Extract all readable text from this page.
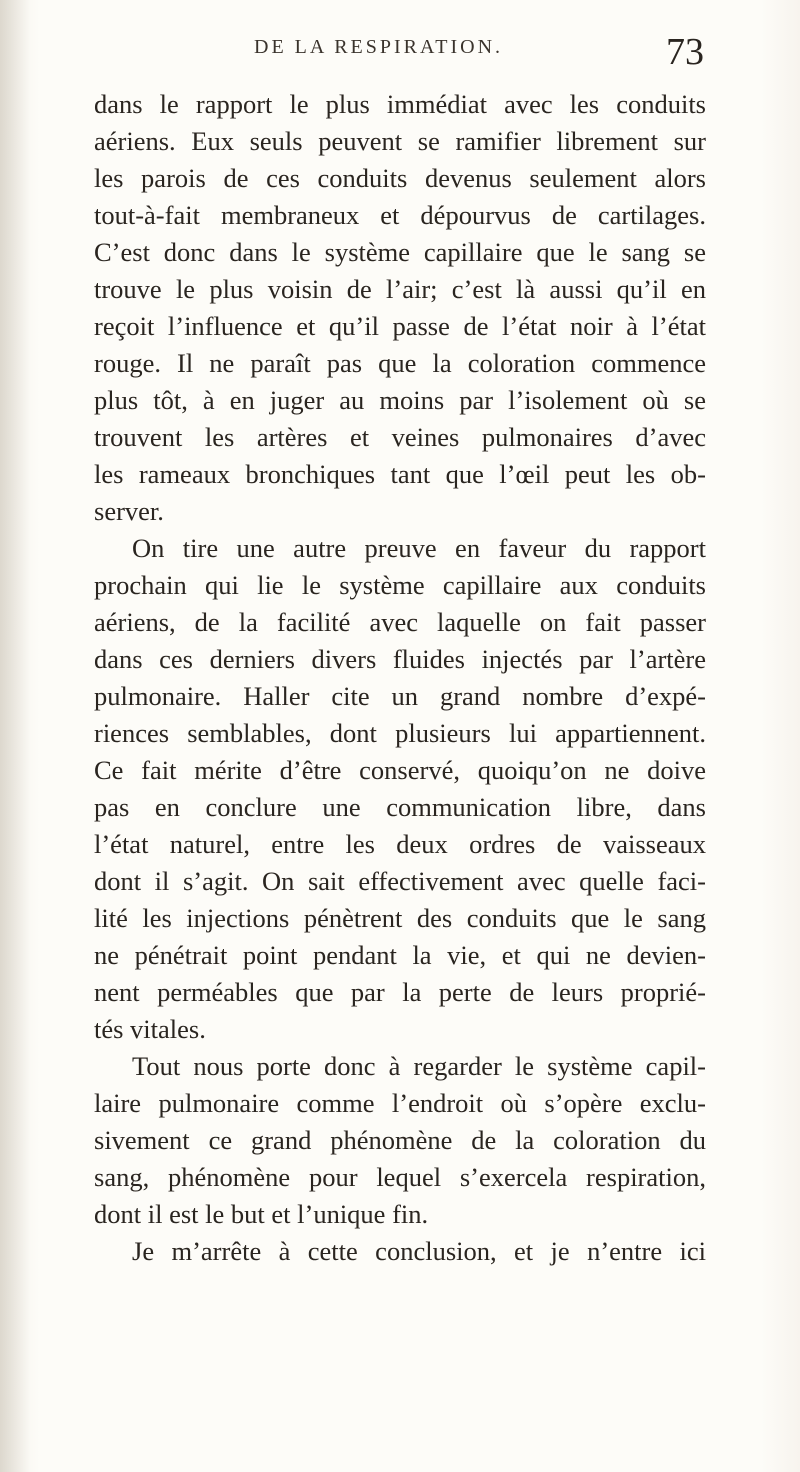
DE LA RESPIRATION.	73
dans le rapport le plus immédiat avec les conduits
aériens. Eux seuls peuvent se ramifier librement sur
les parois de ces conduits devenus seulement alors
tout-à-fait membraneux et dépourvus de cartilages.
C’est donc dans le système capillaire que le sang se
trouve le plus voisin de l’air; c’est là aussi qu’il en
reçoit l’influence et qu’il passe de l’état noir à l’état
rouge. Il ne paraît pas que la coloration commence
plus tôt, à en juger au moins par l’isolement où se
trouvent les artères et veines pulmonaires d’avec
les rameaux bronchiques tant que l’œil peut les ob-
server.
On tire une autre preuve en faveur du rapport
prochain qui lie le système capillaire aux conduits
aériens, de la facilité avec laquelle on fait passer
dans ces derniers divers fluides injectés par l’artère
pulmonaire. Haller cite un grand nombre d’expé-
riences semblables, dont plusieurs lui appartiennent.
Ce fait mérite d’être conservé, quoiqu’on ne doive
pas en conclure une communication libre, dans
l’état naturel, entre les deux ordres de vaisseaux
dont il s’agit. On sait effectivement avec quelle faci-
lité les injections pénètrent des conduits que le sang
ne pénétrait point pendant la vie, et qui ne devien-
nent perméables que par la perte de leurs proprié-
tés vitales.
Tout nous porte donc à regarder le système capil-
laire pulmonaire comme l’endroit où s’opère exclu-
sivement ce grand phénomène de la coloration du
sang, phénomène pour lequel s’exercela respiration,
dont il est le but et l’unique fin.
Je m’arrête à cette conclusion, et je n’entre ici
